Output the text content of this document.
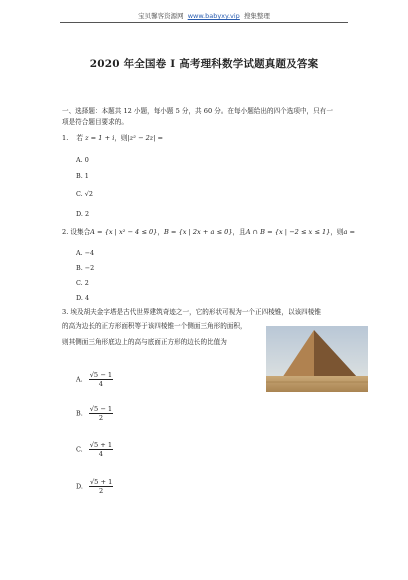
宝贝馨客资源网 www.babyxy.vip 搜集整理
2020 年全国卷 I 高考理科数学试题真题及答案
一、选择题：本题共 12 小题，每小题 5 分，共 60 分。在每小题给出的四个选项中，只有一
项是符合题目要求的。
1. 若 z = 1 + i，则|z² − 2z| =
A. 0
B. 1
C. √2
D. 2
2. 设集合A = {x | x² − 4 ≤ 0}，B = {x | 2x + a ≤ 0}，且A ∩ B = {x | −2 ≤ x ≤ 1}，则a =
A. −4
B. −2
C. 2
D. 4
3. 埃及胡夫金字塔是古代世界建筑奇迹之一，它的形状可视为一个正四棱锥，以该四棱锥
的高为边长的正方形面积等于该四棱锥一个侧面三角形的面积，
则其侧面三角形底边上的高与底面正方形的边长的比值为
A. $\frac{√5 - 1}{4}$
B. $\frac{√5 - 1}{2}$
C. $\frac{√5 + 1}{4}$
D. $\frac{√5 + 1}{2}$
